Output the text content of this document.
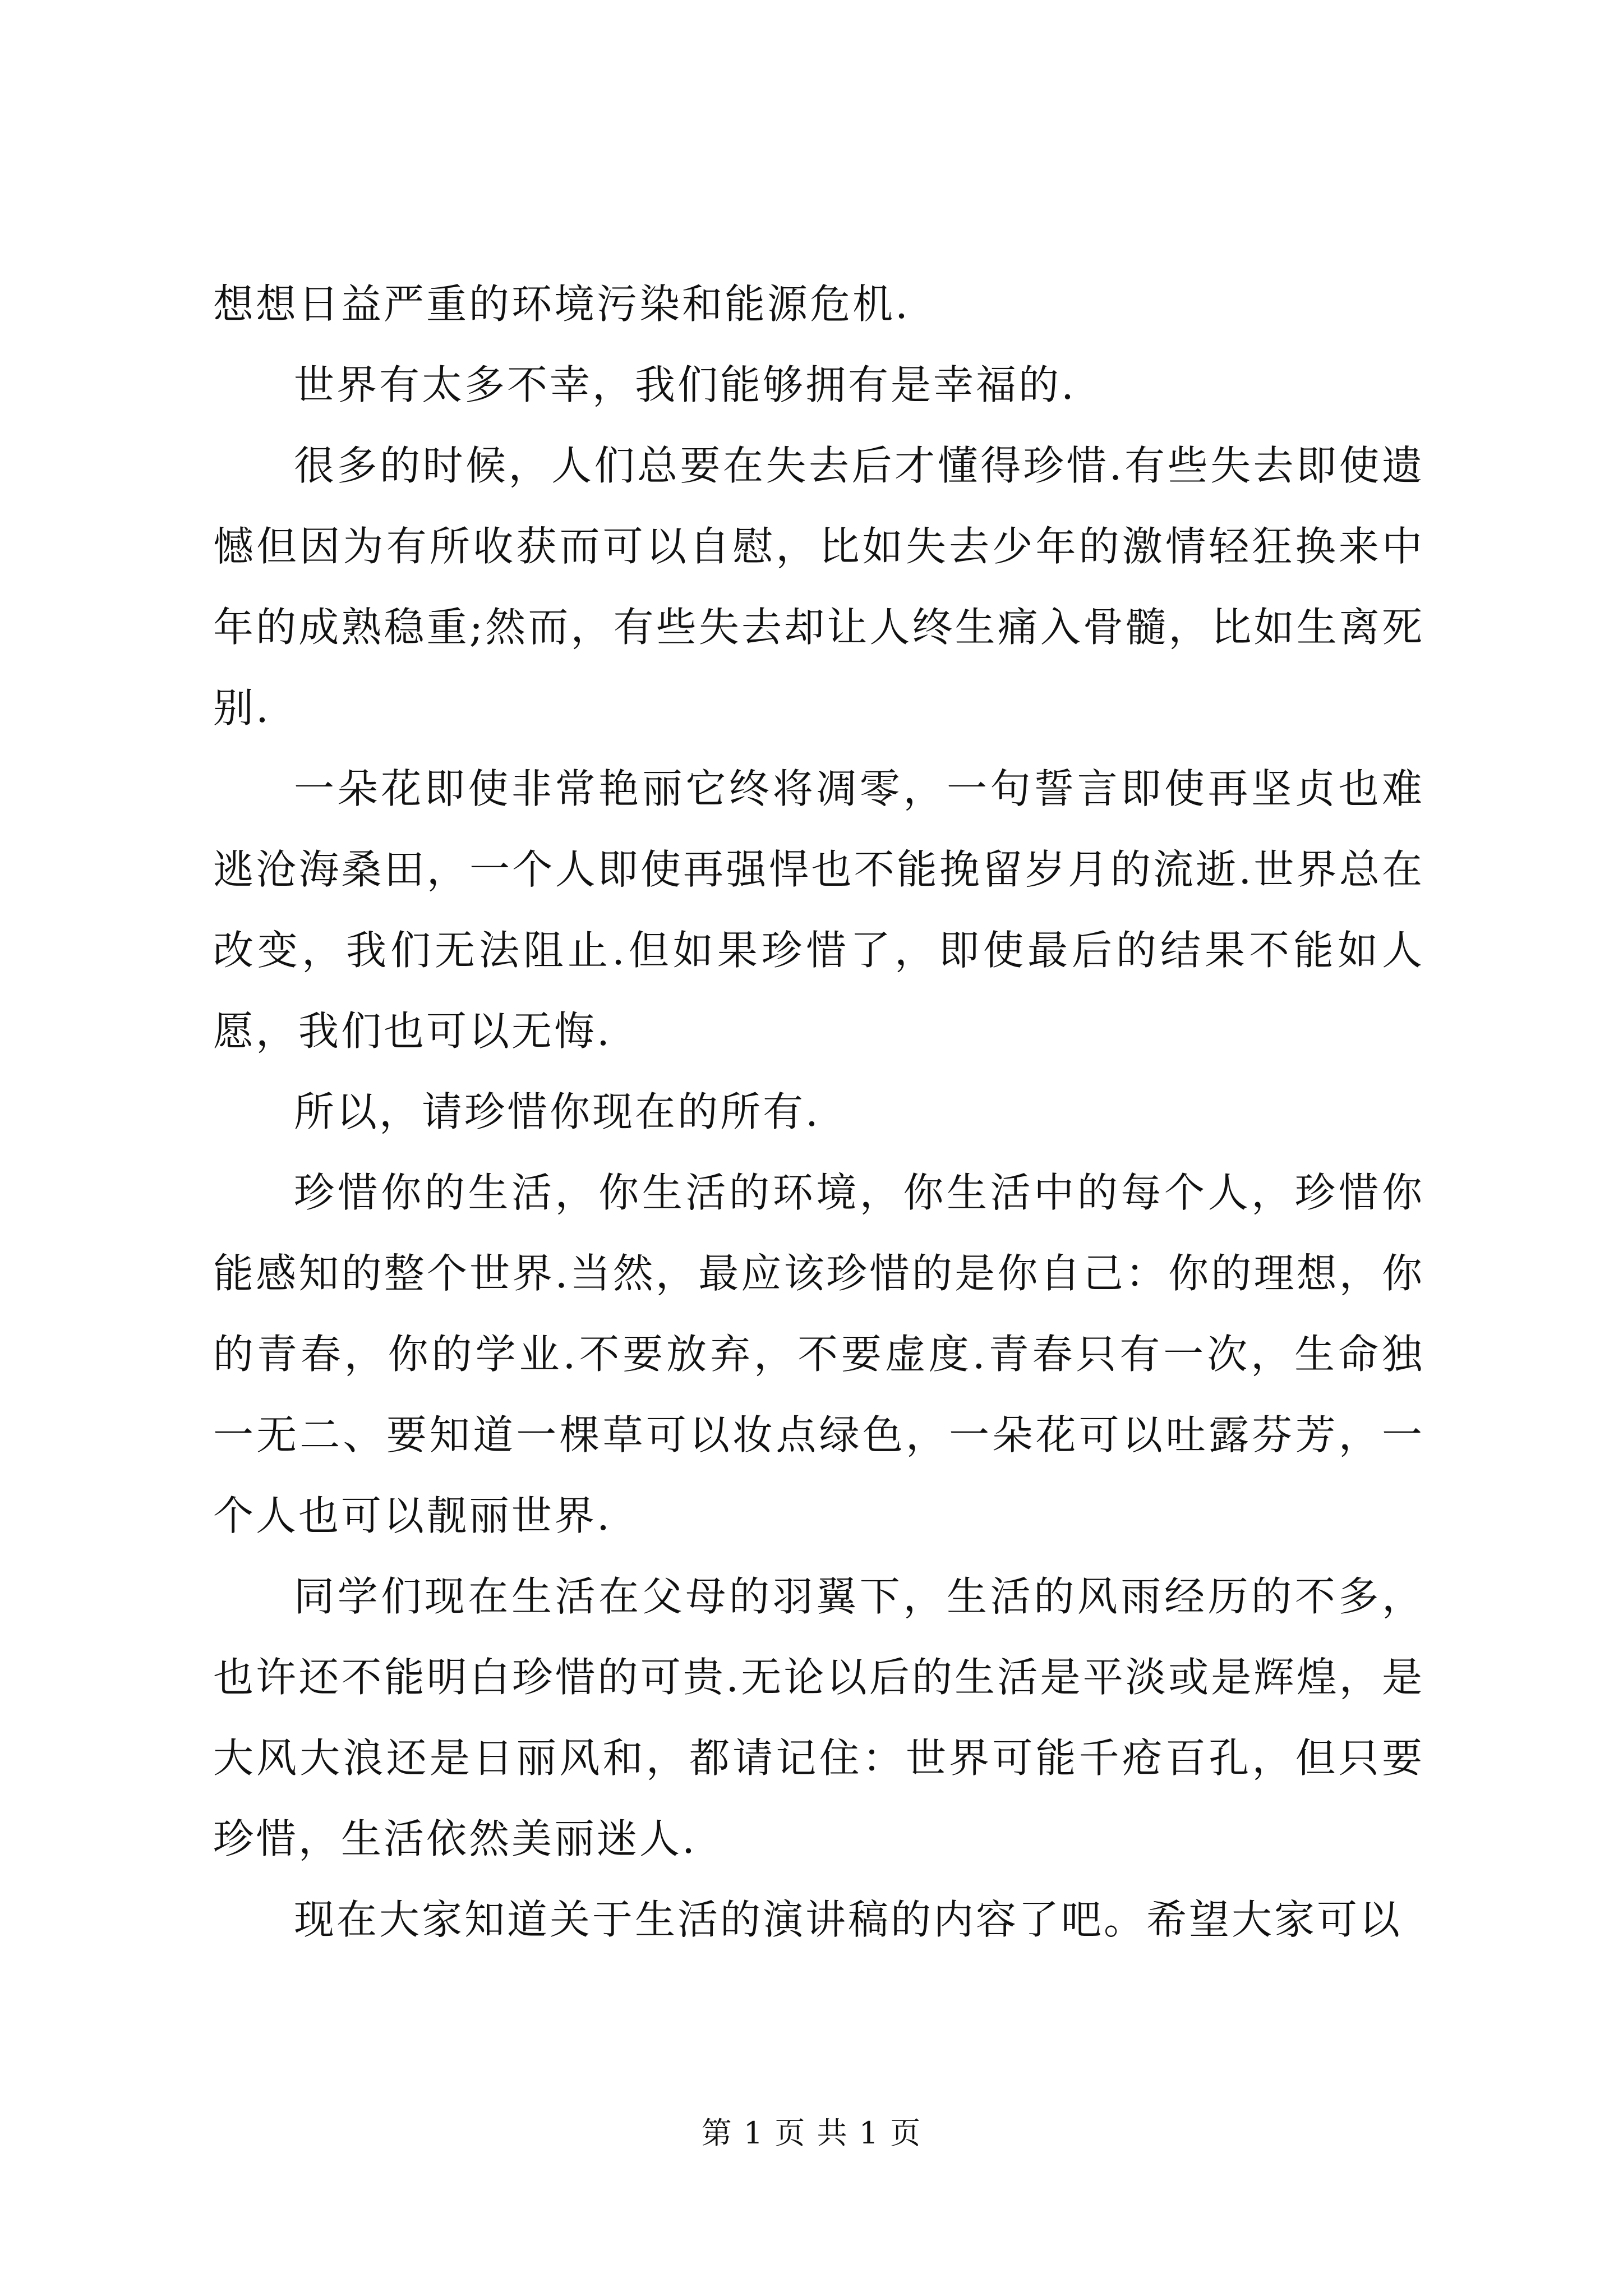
想想日益严重的环境污染和能源危机.

世界有太多不幸，我们能够拥有是幸福的.

很多的时候，人们总要在失去后才懂得珍惜.有些失去即使遗憾但因为有所收获而可以自慰，比如失去少年的激情轻狂换来中年的成熟稳重;然而，有些失去却让人终生痛入骨髓，比如生离死别.

一朵花即使非常艳丽它终将凋零，一句誓言即使再坚贞也难逃沧海桑田，一个人即使再强悍也不能挽留岁月的流逝.世界总在改变，我们无法阻止.但如果珍惜了，即使最后的结果不能如人愿，我们也可以无悔.

所以，请珍惜你现在的所有.

珍惜你的生活，你生活的环境，你生活中的每个人，珍惜你能感知的整个世界.当然，最应该珍惜的是你自己：你的理想，你的青春，你的学业.不要放弃，不要虚度.青春只有一次，生命独一无二、要知道一棵草可以妆点绿色，一朵花可以吐露芬芳，一个人也可以靓丽世界.

同学们现在生活在父母的羽翼下，生活的风雨经历的不多，也许还不能明白珍惜的可贵.无论以后的生活是平淡或是辉煌，是大风大浪还是日丽风和，都请记住：世界可能千疮百孔，但只要珍惜，生活依然美丽迷人.

现在大家知道关于生活的演讲稿的内容了吧。希望大家可以

第 1 页 共 1 页
